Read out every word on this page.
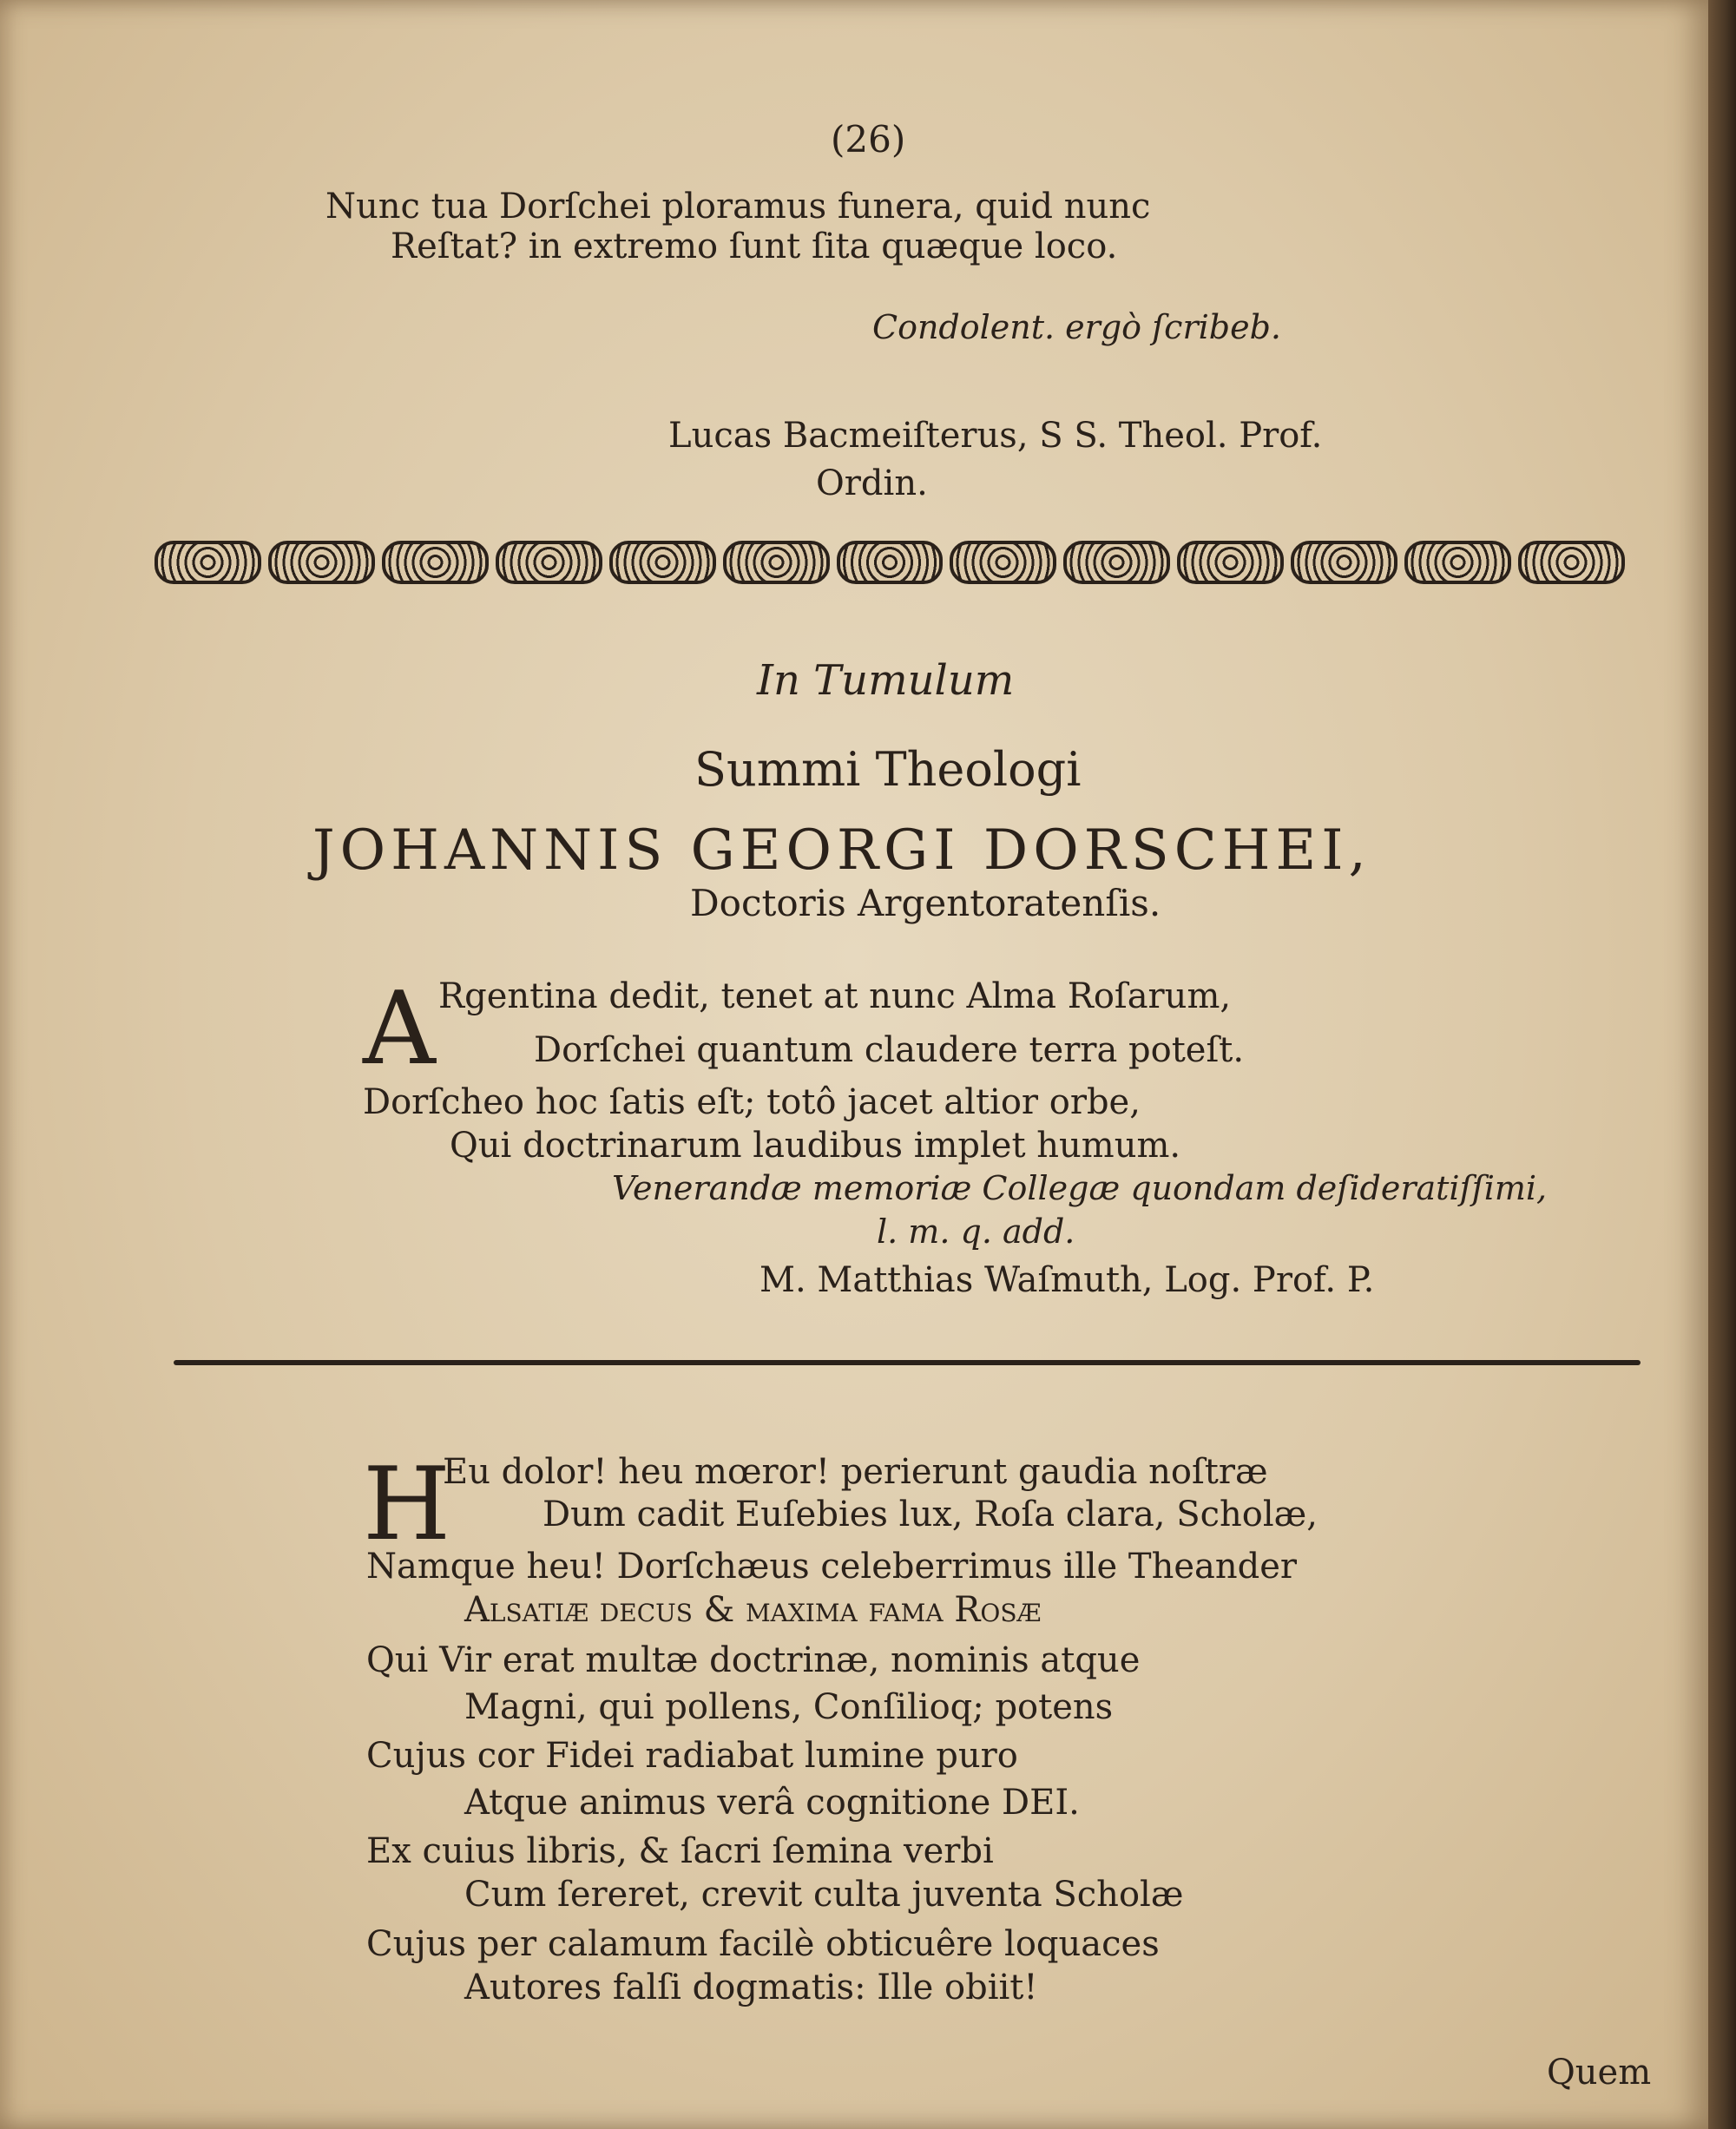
(26)
Nunc tua Dorſchei ploramus funera, quid nunc
Reſtat? in extremo ſunt ſita quæque loco.
Condolent. ergò ſcribeb.
Lucas Bacmeiſterus, S S. Theol. Prof.
Ordin.
In Tumulum
Summi Theologi
JOHANNIS GEORGI DORSCHEI,
Doctoris Argentoratenſis.
A Rgentina dedit, tenet at nunc Alma Roſarum,
Dorſchei quantum claudere terra poteſt.
Dorſcheo hoc ſatis eſt; totô jacet altior orbe,
Qui doctrinarum laudibus implet humum.
Venerandæ memoriæ Collegæ quondam deſideratiſſimi,
l. m. q. add.
M. Matthias Waſmuth, Log. Prof. P.
H
Eu dolor! heu mœror! perierunt gaudia noſtræ
Dum cadit Euſebies lux, Roſa clara, Scholæ,
Namque heu! Dorſchæus celeberrimus ille Theander
Alsatiæ decus & maxima fama Rosæ
Qui Vir erat multæ doctrinæ, nominis atque
Magni, qui pollens, Conſilioq; potens
Cujus cor Fidei radiabat lumine puro
Atque animus verâ cognitione DEI.
Ex cuius libris, & ſacri ſemina verbi
Cum ſereret, crevit culta juventa Scholæ
Cujus per calamum facilè obticuêre loquaces
Autores falſi dogmatis: Ille obiit!
Quem
